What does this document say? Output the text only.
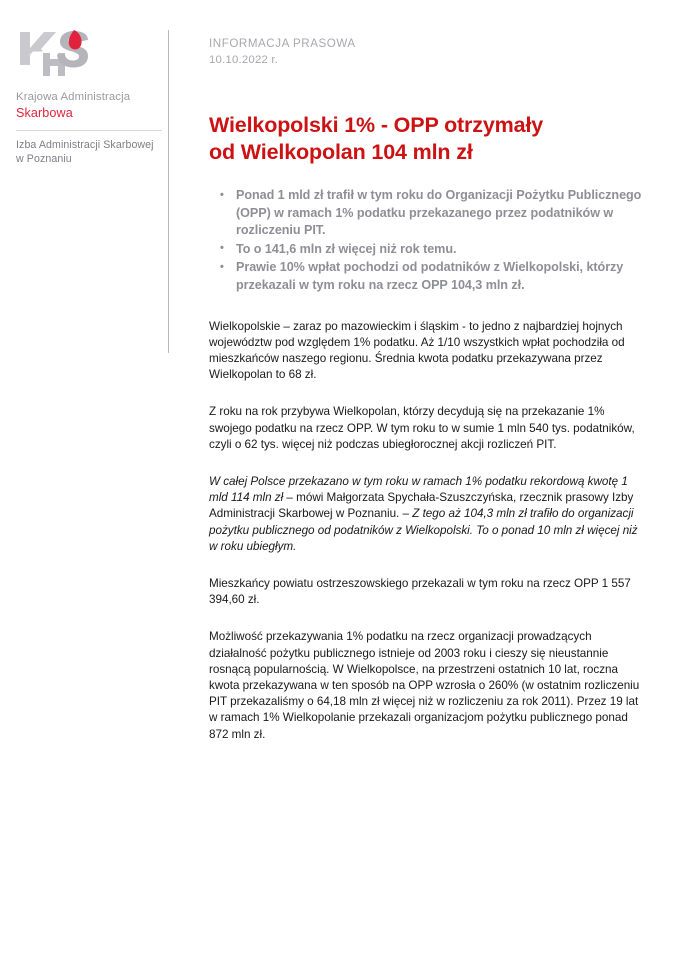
Krajowa Administracja
Skarbowa
Izba Administracji Skarbowej
w Poznaniu
INFORMACJA PRASOWA
10.10.2022 r.
Wielkopolski 1% - OPP otrzymały
od Wielkopolan 104 mln zł
• Ponad 1 mld zł trafił w tym roku do Organizacji Pożytku Publicznego (OPP) w ramach 1% podatku przekazanego przez podatników w rozliczeniu PIT.
• To o 141,6 mln zł więcej niż rok temu.
• Prawie 10% wpłat pochodzi od podatników z Wielkopolski, którzy przekazali w tym roku na rzecz OPP 104,3 mln zł.

Wielkopolskie – zaraz po mazowieckim i śląskim - to jedno z najbardziej hojnych województw pod względem 1% podatku. Aż 1/10 wszystkich wpłat pochodziła od mieszkańców naszego regionu. Średnia kwota podatku przekazywana przez Wielkopolan to 68 zł.

Z roku na rok przybywa Wielkopolan, którzy decydują się na przekazanie 1% swojego podatku na rzecz OPP. W tym roku to w sumie 1 mln 540 tys. podatników, czyli o 62 tys. więcej niż podczas ubiegłorocznej akcji rozliczeń PIT.

W całej Polsce przekazano w tym roku w ramach 1% podatku rekordową kwotę 1 mld 114 mln zł – mówi Małgorzata Spychała-Szuszczyńska, rzecznik prasowy Izby Administracji Skarbowej w Poznaniu. – Z tego aż 104,3 mln zł trafiło do organizacji pożytku publicznego od podatników z Wielkopolski. To o ponad 10 mln zł więcej niż w roku ubiegłym.

Mieszkańcy powiatu ostrzeszowskiego przekazali w tym roku na rzecz OPP 1 557 394,60 zł.

Możliwość przekazywania 1% podatku na rzecz organizacji prowadzących działalność pożytku publicznego istnieje od 2003 roku i cieszy się nieustannie rosnącą popularnością. W Wielkopolsce, na przestrzeni ostatnich 10 lat, roczna kwota przekazywana w ten sposób na OPP wzrosła o 260% (w ostatnim rozliczeniu PIT przekazaliśmy o 64,18 mln zł więcej niż w rozliczeniu za rok 2011). Przez 19 lat w ramach 1% Wielkopolanie przekazali organizacjom pożytku publicznego ponad 872 mln zł.
